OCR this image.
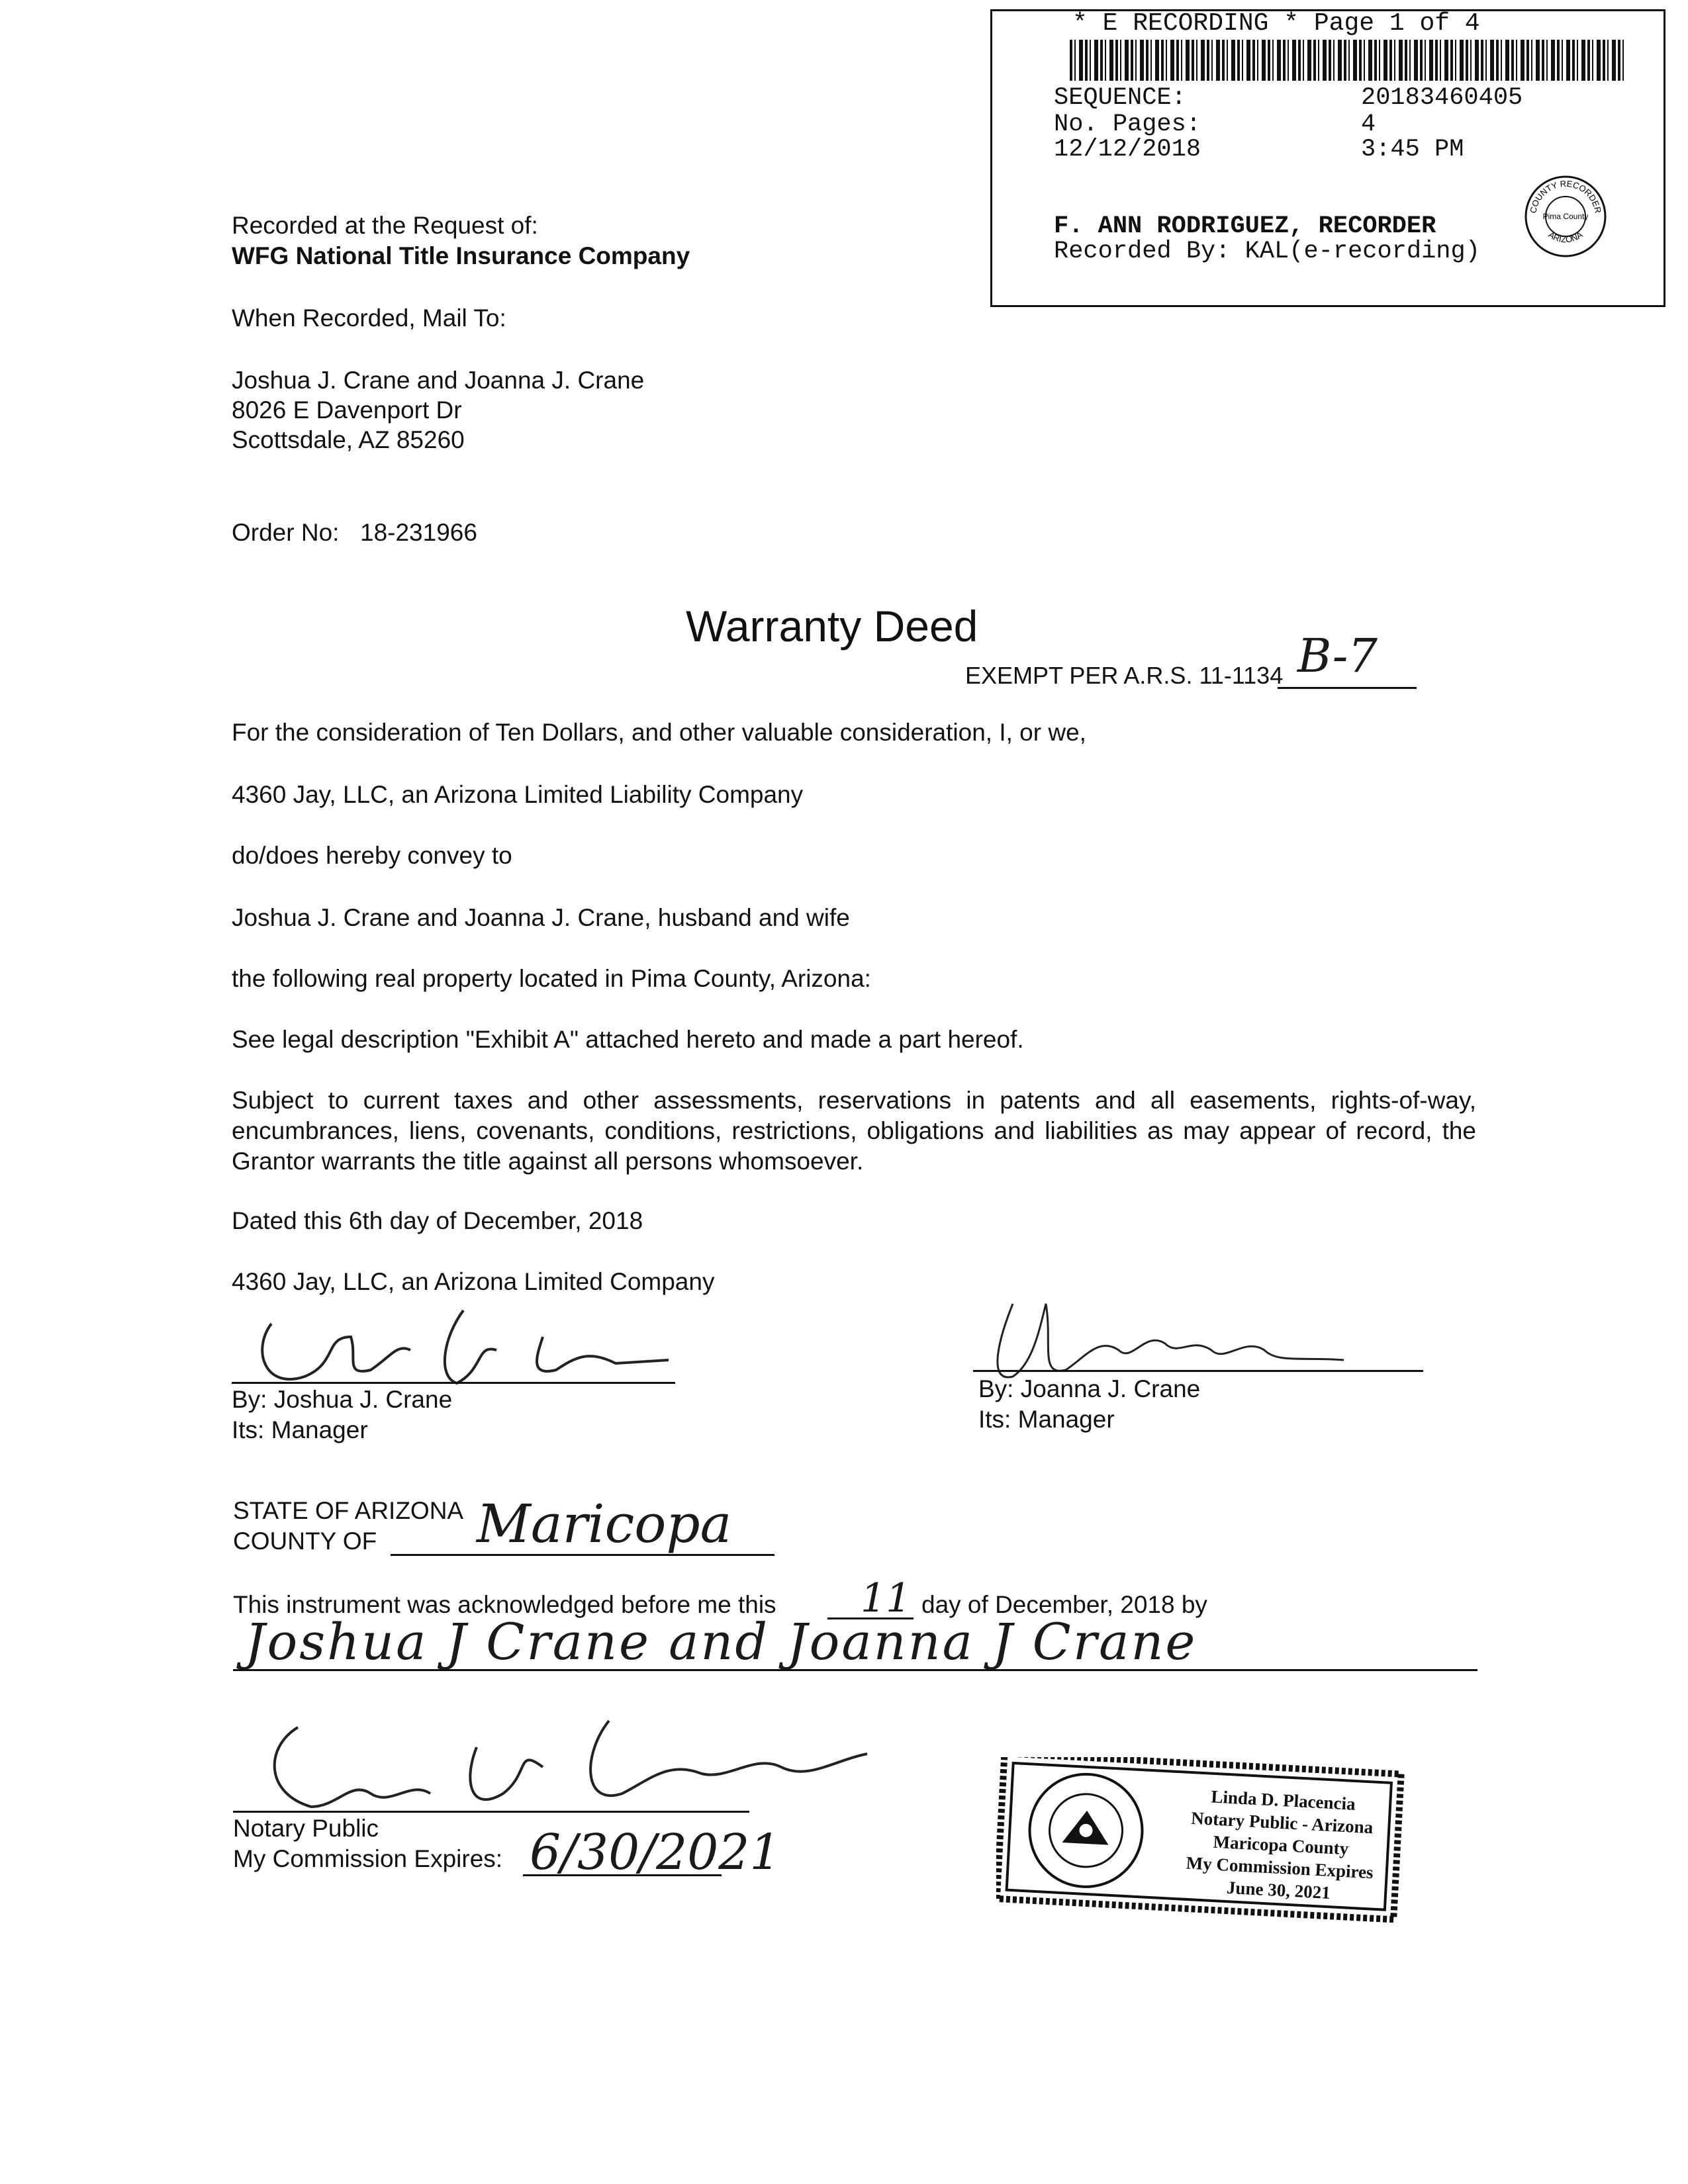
* E RECORDING * Page 1 of 4
SEQUENCE:	20183460405
No. Pages:	4
12/12/2018	3:45 PM
F. ANN RODRIGUEZ, RECORDER
Recorded By: KAL(e-recording)
COUNTY RECORDER
Pima County
ARIZONA
Recorded at the Request of:
WFG National Title Insurance Company
When Recorded, Mail To:
Joshua J. Crane and Joanna J. Crane
8026 E Davenport Dr
Scottsdale, AZ 85260
Order No: 18-231966
Warranty Deed
EXEMPT PER A.R.S. 11-1134 B-7
For the consideration of Ten Dollars, and other valuable consideration, I, or we,
4360 Jay, LLC, an Arizona Limited Liability Company
do/does hereby convey to
Joshua J. Crane and Joanna J. Crane, husband and wife
the following real property located in Pima County, Arizona:
See legal description "Exhibit A" attached hereto and made a part hereof.
Subject to current taxes and other assessments, reservations in patents and all easements, rights-of-way, encumbrances, liens, covenants, conditions, restrictions, obligations and liabilities as may appear of record, the Grantor warrants the title against all persons whomsoever.
Dated this 6th day of December, 2018
4360 Jay, LLC, an Arizona Limited Company
By: Joshua J. Crane
Its: Manager
By: Joanna J. Crane
Its: Manager
STATE OF ARIZONA
COUNTY OF Maricopa
This instrument was acknowledged before me this 11 day of December, 2018 by
Joshua J Crane and Joanna J Crane
Notary Public
My Commission Expires: 6/30/2021
Linda D. Placencia
Notary Public - Arizona
Maricopa County
My Commission Expires
June 30, 2021
